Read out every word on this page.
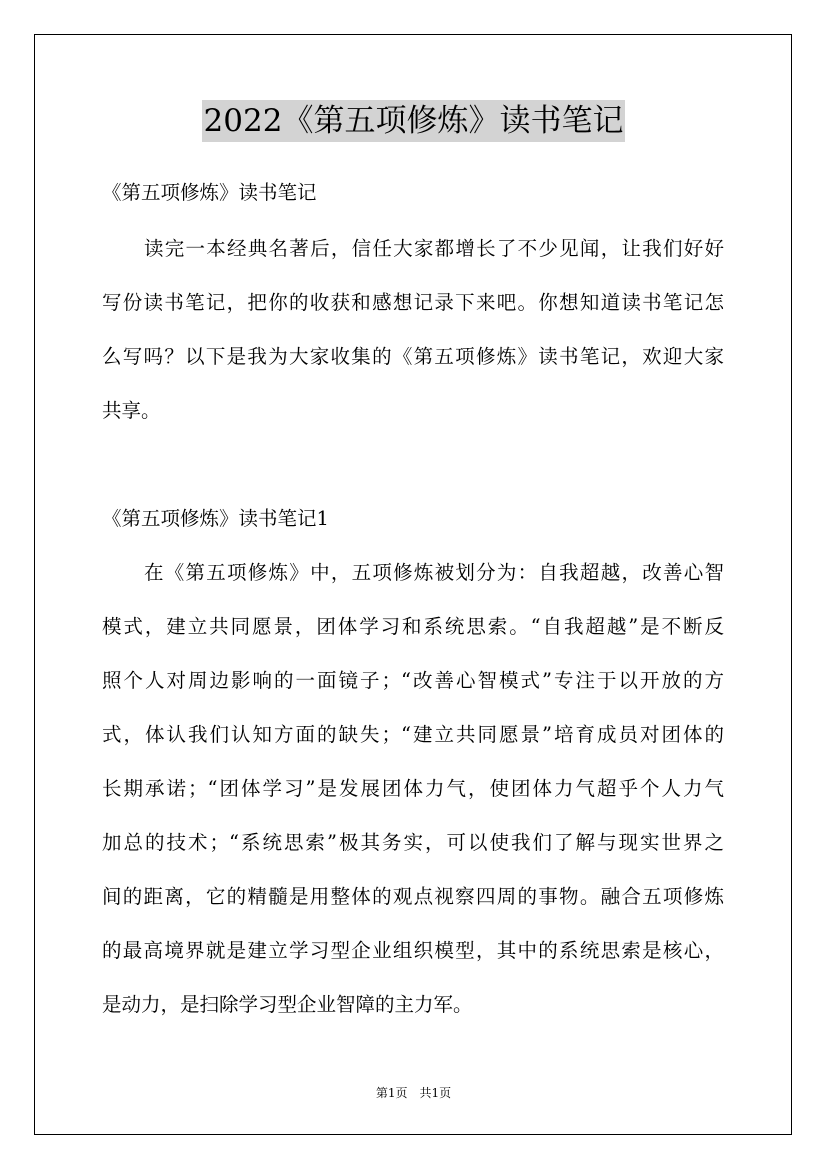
2022《第五项修炼》读书笔记
《第五项修炼》读书笔记
读完一本经典名著后，信任大家都增长了不少见闻，让我们好好
写份读书笔记，把你的收获和感想记录下来吧。你想知道读书笔记怎
么写吗？以下是我为大家收集的《第五项修炼》读书笔记，欢迎大家
共享。
《第五项修炼》读书笔记1
在《第五项修炼》中，五项修炼被划分为：自我超越，改善心智
模式，建立共同愿景，团体学习和系统思索。“自我超越”是不断反
照个人对周边影响的一面镜子；“改善心智模式”专注于以开放的方
式，体认我们认知方面的缺失；“建立共同愿景”培育成员对团体的
长期承诺；“团体学习”是发展团体力气，使团体力气超乎个人力气
加总的技术；“系统思索”极其务实，可以使我们了解与现实世界之
间的距离，它的精髓是用整体的观点视察四周的事物。融合五项修炼
的最高境界就是建立学习型企业组织模型，其中的系统思索是核心，
是动力，是扫除学习型企业智障的主力军。
第1页　共1页
